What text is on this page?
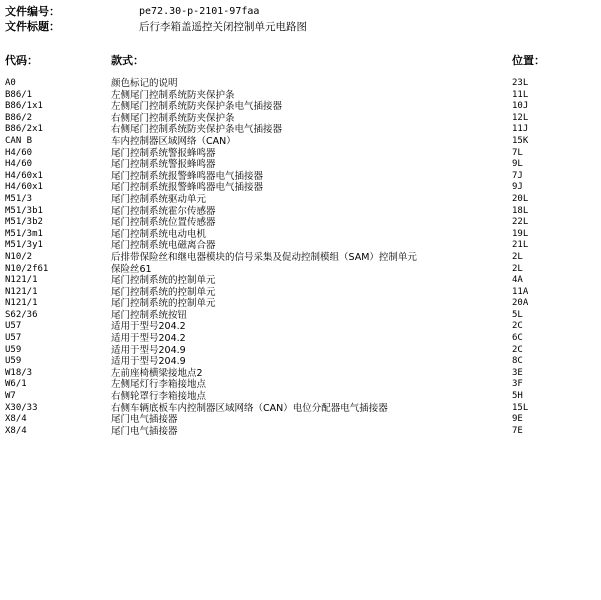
文件编号：	pe72.30-p-2101-97faa
文件标题：	后行李箱盖遥控关闭控制单元电路图
代码：	款式：	位置：
A0	颜色标记的说明	23L
B86/1	左侧尾门控制系统防夹保护条	11L
B86/1x1	左侧尾门控制系统防夹保护条电气插接器	10J
B86/2	右侧尾门控制系统防夹保护条	12L
B86/2x1	右侧尾门控制系统防夹保护条电气插接器	11J
CAN B	车内控制器区域网络（CAN）	15K
H4/60	尾门控制系统警报蜂鸣器	7L
H4/60	尾门控制系统警报蜂鸣器	9L
H4/60x1	尾门控制系统报警蜂鸣器电气插接器	7J
H4/60x1	尾门控制系统报警蜂鸣器电气插接器	9J
M51/3	尾门控制系统驱动单元	20L
M51/3b1	尾门控制系统霍尔传感器	18L
M51/3b2	尾门控制系统位置传感器	22L
M51/3m1	尾门控制系统电动电机	19L
M51/3y1	尾门控制系统电磁离合器	21L
N10/2	后排带保险丝和继电器模块的信号采集及促动控制模组（SAM）控制单元	2L
N10/2f61	保险丝61	2L
N121/1	尾门控制系统的控制单元	4A
N121/1	尾门控制系统的控制单元	11A
N121/1	尾门控制系统的控制单元	20A
S62/36	尾门控制系统按钮	5L
U57	适用于型号204.2	2C
U57	适用于型号204.2	6C
U59	适用于型号204.9	2C
U59	适用于型号204.9	8C
W18/3	左前座椅横梁接地点2	3E
W6/1	左侧尾灯行李箱接地点	3F
W7	右侧轮罩行李箱接地点	5H
X30/33	右侧车辆底板车内控制器区域网络（CAN）电位分配器电气插接器	15L
X8/4	尾门电气插接器	9E
X8/4	尾门电气插接器	7E
